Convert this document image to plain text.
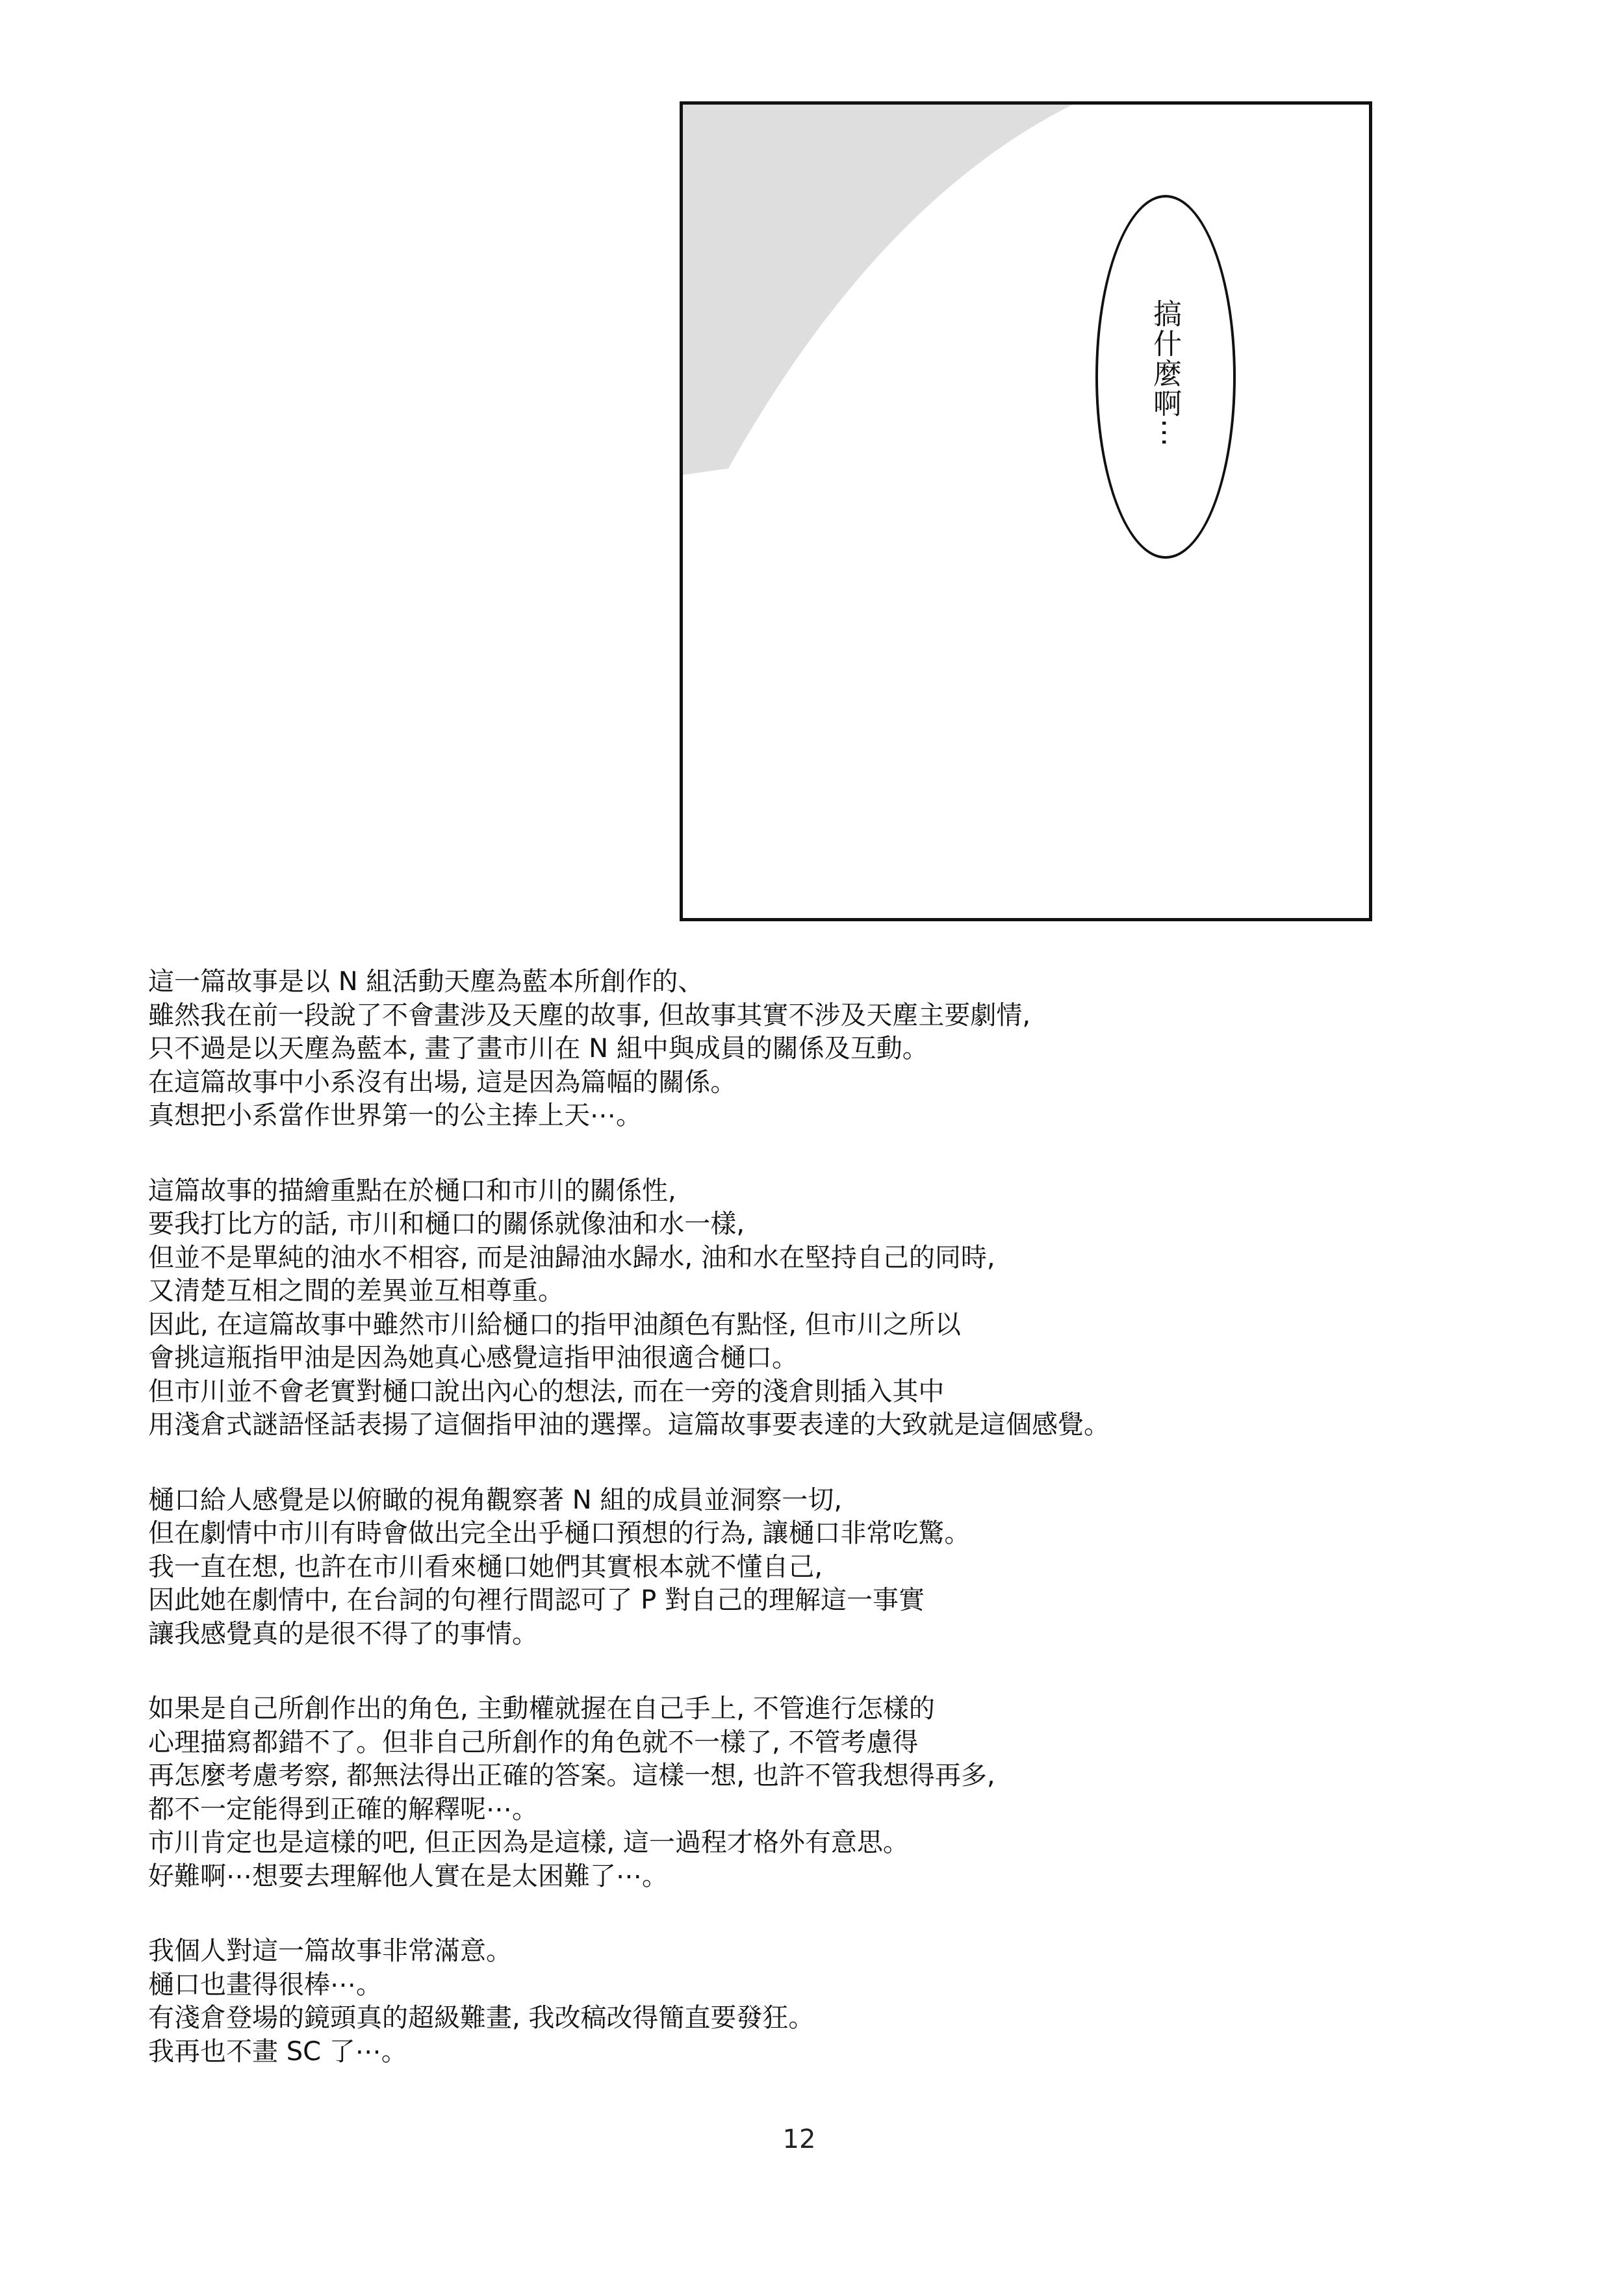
搞什麼啊⋯
這一篇故事是以 N 組活動天塵為藍本所創作的、
雖然我在前一段說了不會畫涉及天塵的故事, 但故事其實不涉及天塵主要劇情,
只不過是以天塵為藍本, 畫了畫市川在 N 組中與成員的關係及互動。
在這篇故事中小系沒有出場, 這是因為篇幅的關係。
真想把小系當作世界第一的公主捧上天⋯。
這篇故事的描繪重點在於樋口和市川的關係性,
要我打比方的話, 市川和樋口的關係就像油和水一樣,
但並不是單純的油水不相容, 而是油歸油水歸水, 油和水在堅持自己的同時,
又清楚互相之間的差異並互相尊重。
因此, 在這篇故事中雖然市川給樋口的指甲油顏色有點怪, 但市川之所以
會挑這瓶指甲油是因為她真心感覺這指甲油很適合樋口。
但市川並不會老實對樋口說出內心的想法, 而在一旁的淺倉則插入其中
用淺倉式謎語怪話表揚了這個指甲油的選擇。這篇故事要表達的大致就是這個感覺。
樋口給人感覺是以俯瞰的視角觀察著 N 組的成員並洞察一切,
但在劇情中市川有時會做出完全出乎樋口預想的行為, 讓樋口非常吃驚。
我一直在想, 也許在市川看來樋口她們其實根本就不懂自己,
因此她在劇情中, 在台詞的句裡行間認可了 P 對自己的理解這一事實
讓我感覺真的是很不得了的事情。
如果是自己所創作出的角色, 主動權就握在自己手上, 不管進行怎樣的
心理描寫都錯不了。但非自己所創作的角色就不一樣了, 不管考慮得
再怎麼考慮考察, 都無法得出正確的答案。這樣一想, 也許不管我想得再多,
都不一定能得到正確的解釋呢⋯。
市川肯定也是這樣的吧, 但正因為是這樣, 這一過程才格外有意思。
好難啊⋯想要去理解他人實在是太困難了⋯。
我個人對這一篇故事非常滿意。
樋口也畫得很棒⋯。
有淺倉登場的鏡頭真的超級難畫, 我改稿改得簡直要發狂。
我再也不畫 SC 了⋯。
12
